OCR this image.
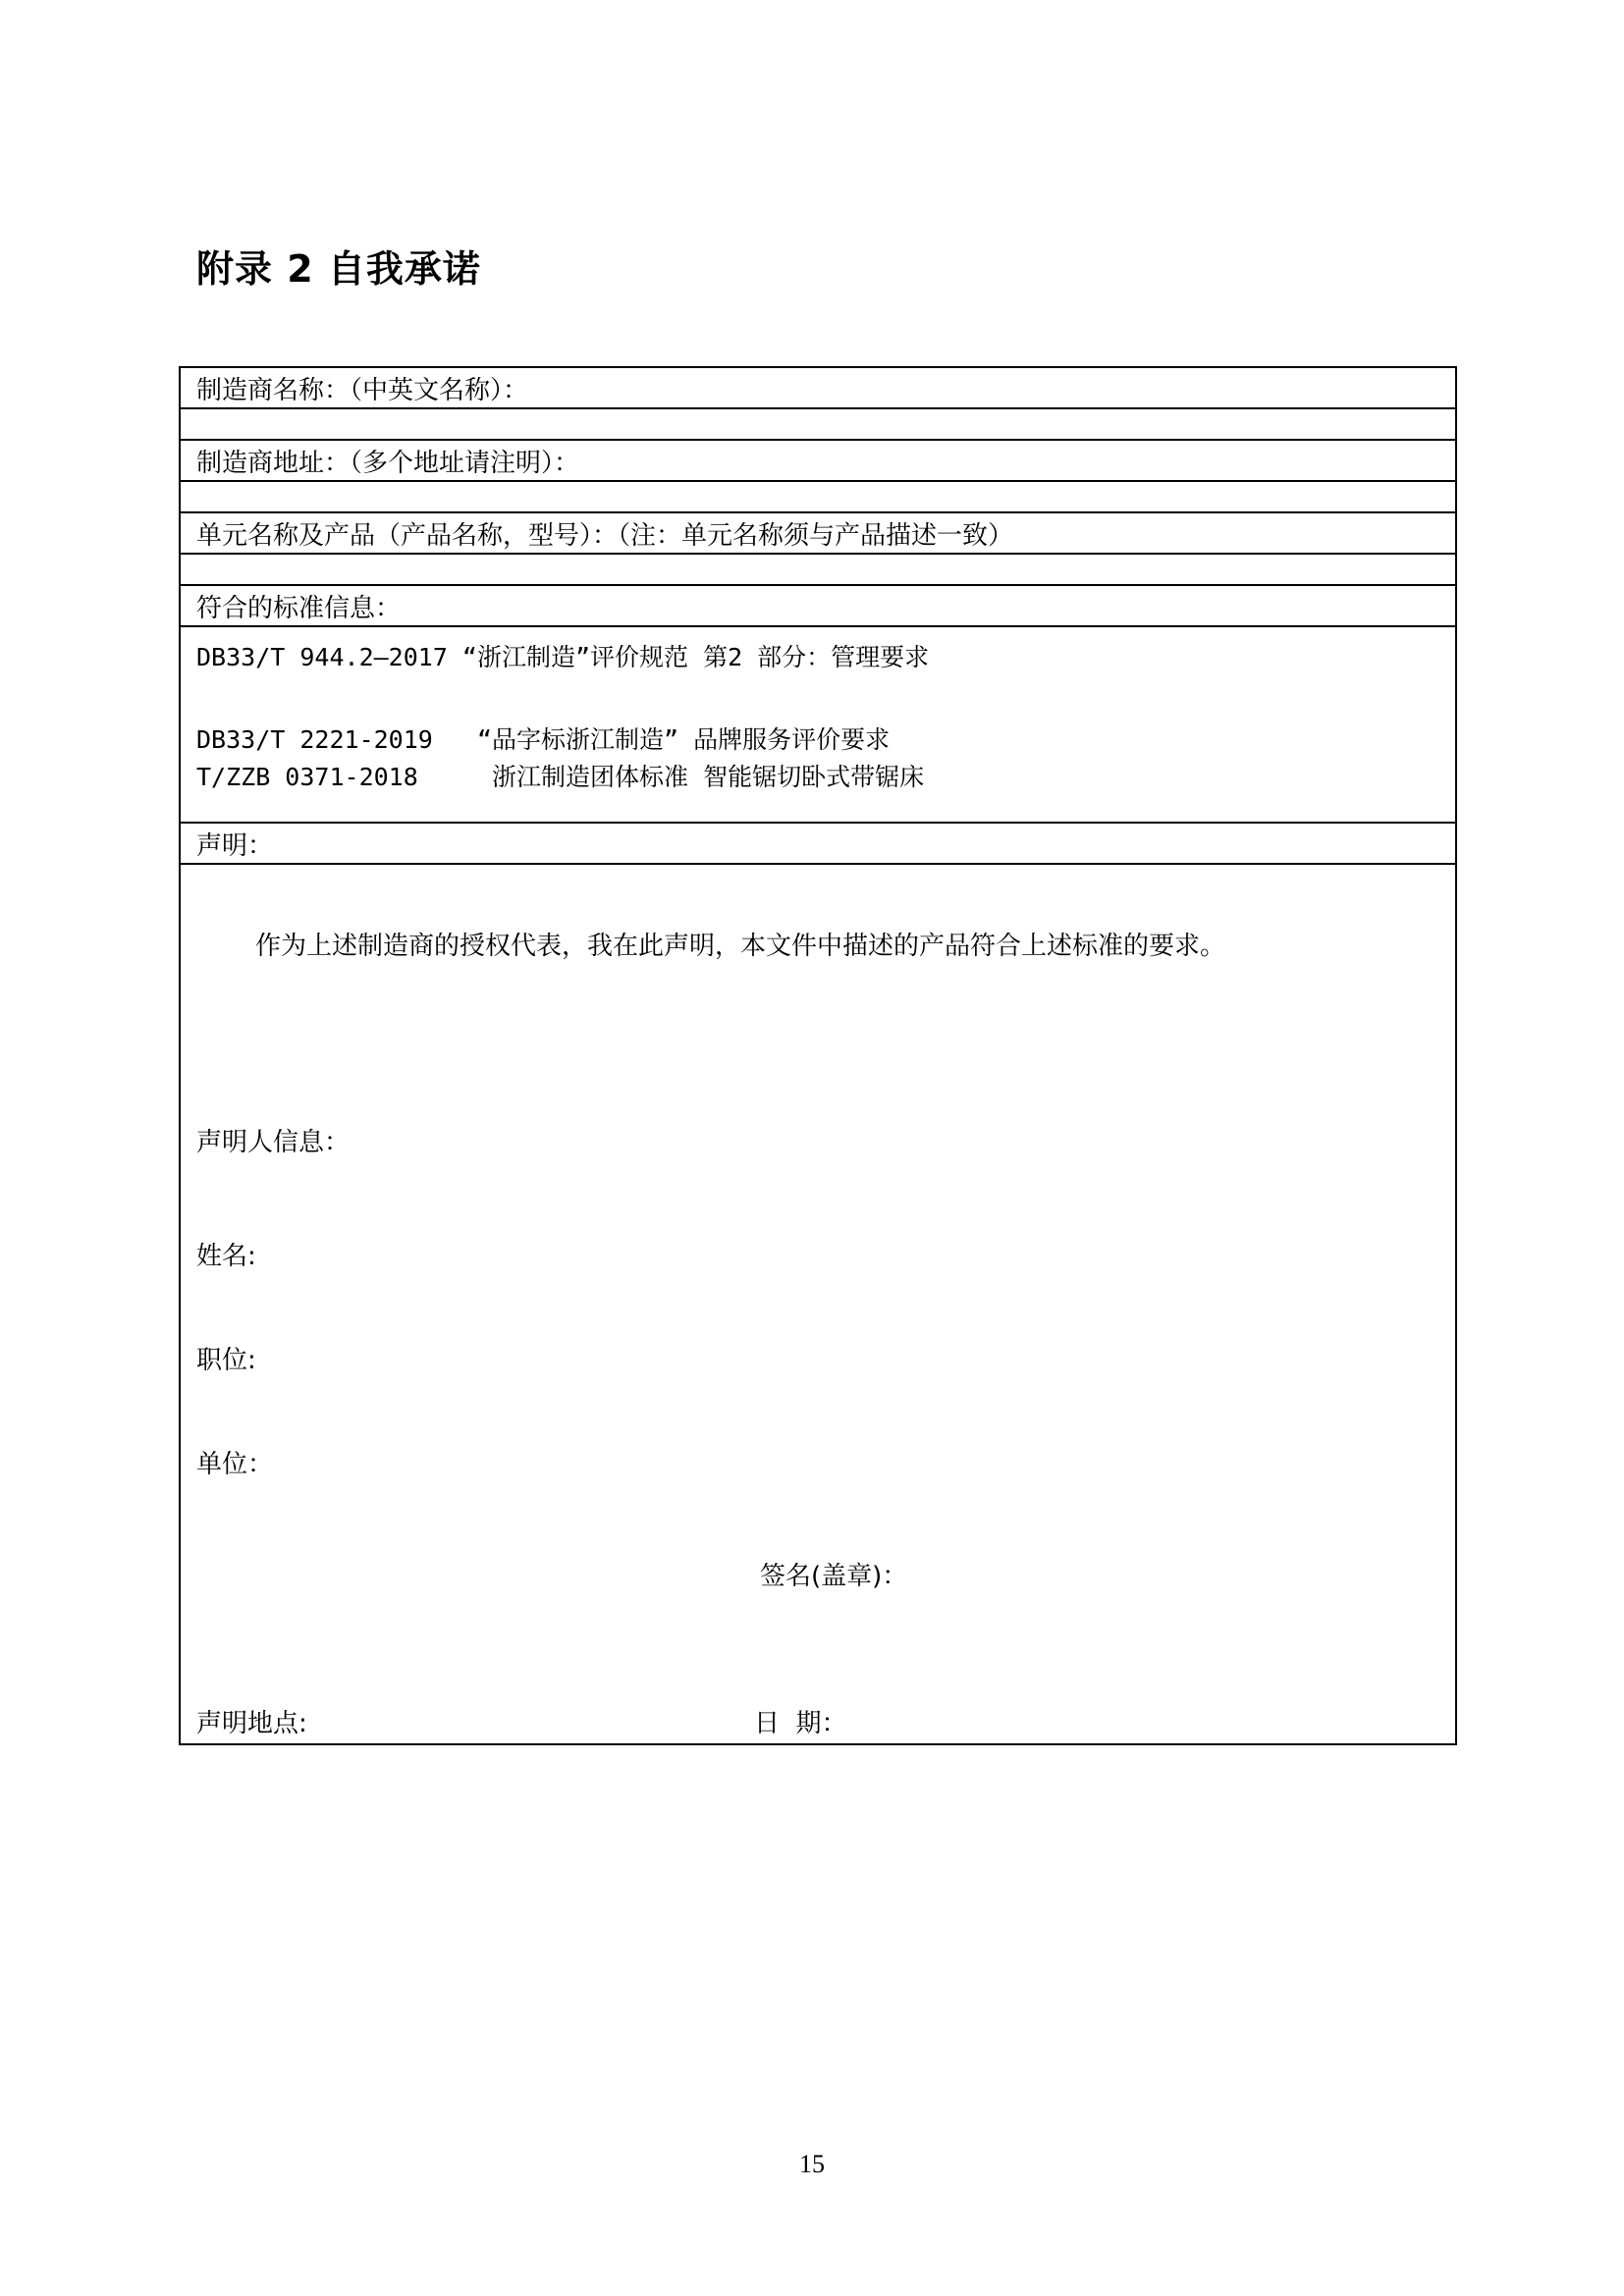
附录 2 自我承诺
制造商名称：（中英文名称）：

制造商地址：（多个地址请注明）：

单元名称及产品（产品名称，型号）：（注：单元名称须与产品描述一致）

符合的标准信息：

DB33/T 944.2—2017 “浙江制造”评价规范 第2 部分：管理要求
DB33/T 2221-2019   “品字标浙江制造” 品牌服务评价要求
T/ZZB 0371-2018     浙江制造团体标准 智能锯切卧式带锯床

声明：

作为上述制造商的授权代表，我在此声明，本文件中描述的产品符合上述标准的要求。
声明人信息：
姓名:
职位:
单位：
签名(盖章)：
声明地点:	日  期：
15
